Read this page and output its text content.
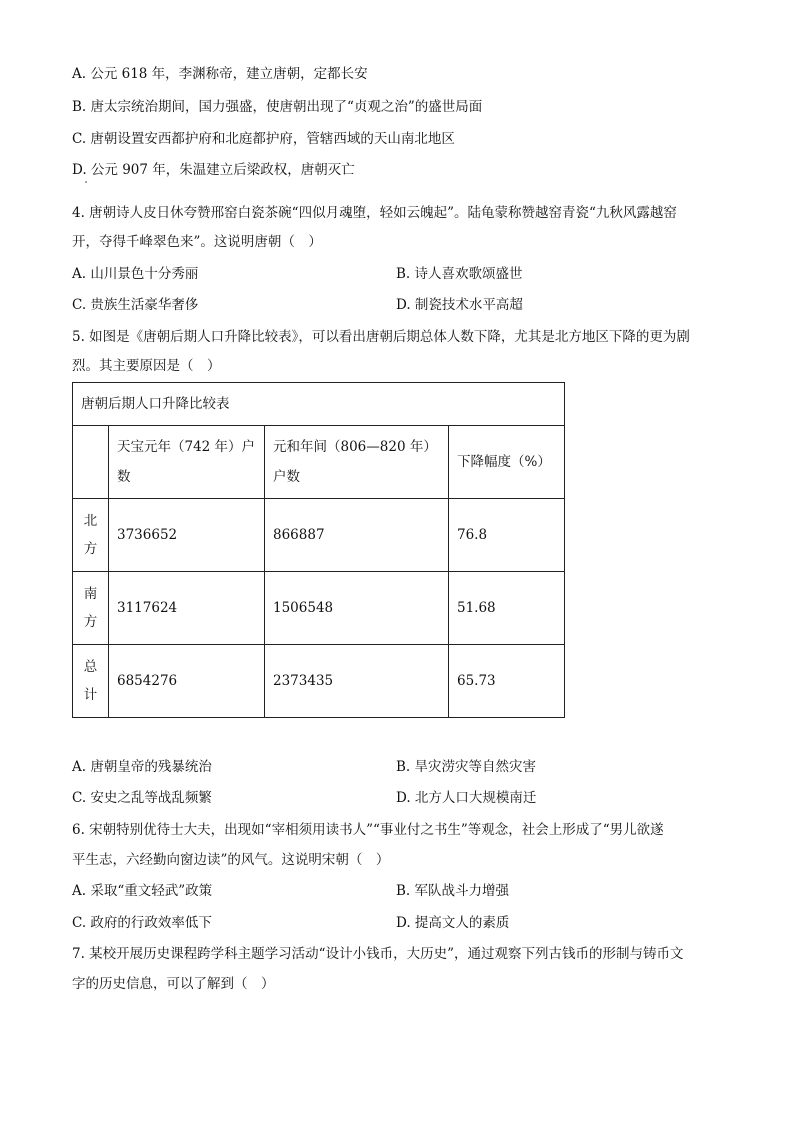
A. 公元 618 年，李渊称帝，建立唐朝，定都长安
B. 唐太宗统治期间，国力强盛，使唐朝出现了“贞观之治”的盛世局面
C. 唐朝设置安西都护府和北庭都护府，管辖西域的天山南北地区
D. 公元 907 年，朱温建立后梁政权，唐朝灭亡
4. 唐朝诗人皮日休夸赞邢窑白瓷茶碗“四似月魂堕，轻如云魄起”。陆龟蒙称赞越窑青瓷“九秋风露越窑
开，夺得千峰翠色来”。这说明唐朝（　）
A. 山川景色十分秀丽	B. 诗人喜欢歌颂盛世
C. 贵族生活豪华奢侈	D. 制瓷技术水平高超
5. 如图是《唐朝后期人口升降比较表》，可以看出唐朝后期总体人数下降，尤其是北方地区下降的更为剧
烈。其主要原因是（　）
唐朝后期人口升降比较表			
	天宝元年（742 年）户数	元和年间（806—820 年）户数	下降幅度（%）

北方	3736652	866887	76.8

南方	3117624	1506548	51.68

总计	6854276	2373435	65.73
A. 唐朝皇帝的残暴统治	B. 旱灾涝灾等自然灾害
C. 安史之乱等战乱频繁	D. 北方人口大规模南迁
6. 宋朝特别优待士大夫，出现如“宰相须用读书人”“事业付之书生”等观念，社会上形成了“男儿欲遂
平生志，六经勤向窗边读”的风气。这说明宋朝（　）
A. 采取“重文轻武”政策	B. 军队战斗力增强
C. 政府的行政效率低下	D. 提高文人的素质
7. 某校开展历史课程跨学科主题学习活动“设计小钱币，大历史”，通过观察下列古钱币的形制与铸币文
字的历史信息，可以了解到（　）
